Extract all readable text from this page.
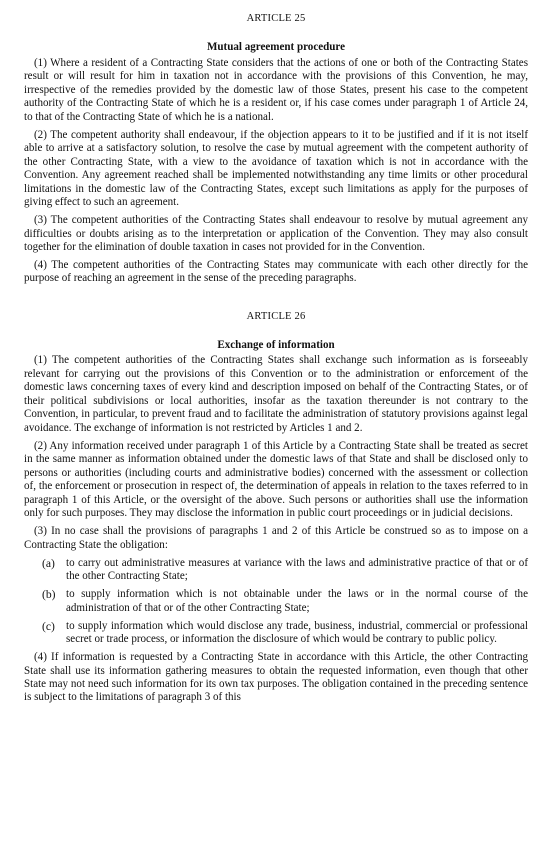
ARTICLE 25
Mutual agreement procedure

(1) Where a resident of a Contracting State considers that the actions of one or both of the Contracting States result or will result for him in taxation not in accordance with the provisions of this Convention, he may, irrespective of the remedies provided by the domestic law of those States, present his case to the competent authority of the Contracting State of which he is a resident or, if his case comes under paragraph 1 of Article 24, to that of the Contracting State of which he is a national.

(2) The competent authority shall endeavour, if the objection appears to it to be justified and if it is not itself able to arrive at a satisfactory solution, to resolve the case by mutual agreement with the competent authority of the other Contracting State, with a view to the avoidance of taxation which is not in accordance with the Convention. Any agreement reached shall be implemented notwithstanding any time limits or other procedural limitations in the domestic law of the Contracting States, except such limitations as apply for the purposes of giving effect to such an agreement.

(3) The competent authorities of the Contracting States shall endeavour to resolve by mutual agreement any difficulties or doubts arising as to the interpretation or application of the Convention. They may also consult together for the elimination of double taxation in cases not provided for in the Convention.

(4) The competent authorities of the Contracting States may communicate with each other directly for the purpose of reaching an agreement in the sense of the preceding paragraphs.

ARTICLE 26
Exchange of information

(1) The competent authorities of the Contracting States shall exchange such information as is forseeably relevant for carrying out the provisions of this Convention or to the administration or enforcement of the domestic laws concerning taxes of every kind and description imposed on behalf of the Contracting States, or of their political subdivisions or local authorities, insofar as the taxation thereunder is not contrary to the Convention, in particular, to prevent fraud and to facilitate the administration of statutory provisions against legal avoidance. The exchange of information is not restricted by Articles 1 and 2.

(2) Any information received under paragraph 1 of this Article by a Contracting State shall be treated as secret in the same manner as information obtained under the domestic laws of that State and shall be disclosed only to persons or authorities (including courts and administrative bodies) concerned with the assessment or collection of, the enforcement or prosecution in respect of, the determination of appeals in relation to the taxes referred to in paragraph 1 of this Article, or the oversight of the above. Such persons or authorities shall use the information only for such purposes. They may disclose the information in public court proceedings or in judicial decisions.

(3) In no case shall the provisions of paragraphs 1 and 2 of this Article be construed so as to impose on a Contracting State the obligation:

(a) to carry out administrative measures at variance with the laws and administrative practice of that or of the other Contracting State;
(b) to supply information which is not obtainable under the laws or in the normal course of the administration of that or of the other Contracting State;
(c) to supply information which would disclose any trade, business, industrial, commercial or professional secret or trade process, or information the disclosure of which would be contrary to public policy.

(4) If information is requested by a Contracting State in accordance with this Article, the other Contracting State shall use its information gathering measures to obtain the requested information, even though that other State may not need such information for its own tax purposes. The obligation contained in the preceding sentence is subject to the limitations of paragraph 3 of this
